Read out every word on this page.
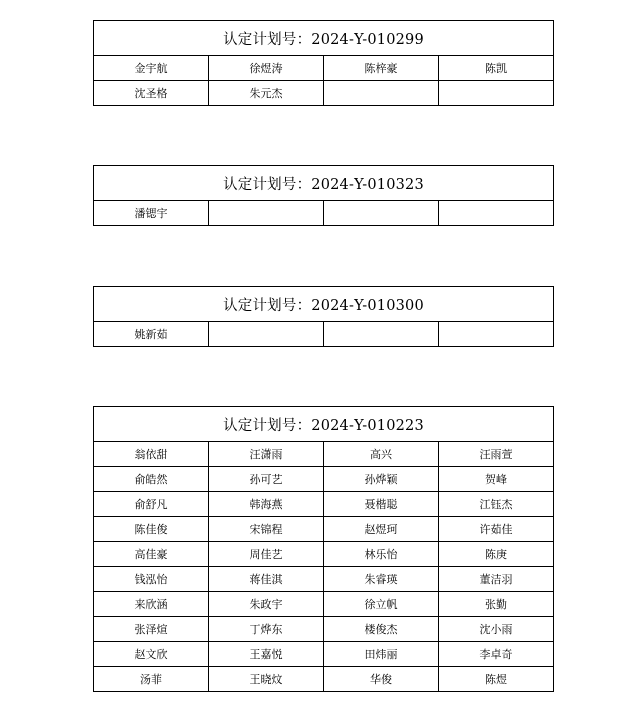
认定计划号：2024-Y-010299			
金宇航	徐煜涛	陈梓豪	陈凯
沈圣格	朱元杰		
认定计划号：2024-Y-010323
潘锶宇			
认定计划号：2024-Y-010300
姚新茹			
认定计划号：2024-Y-010223			
翁依甜	汪潇雨	高兴	汪雨萱
俞皓然	孙可艺	孙烨颖	贺峰
俞舒凡	韩海燕	聂楷聪	江钰杰
陈佳俊	宋锦程	赵煜珂	许茹佳
高佳豪	周佳艺	林乐怡	陈庚
钱泓怡	蒋佳淇	朱睿瑛	董洁羽
来欣涵	朱政宇	徐立帆	张勤
张泽煊	丁烨东	楼俊杰	沈小雨
赵文欣	王嘉悦	田炜丽	李卓奇
汤菲	王晓炆	华俊	陈煜
